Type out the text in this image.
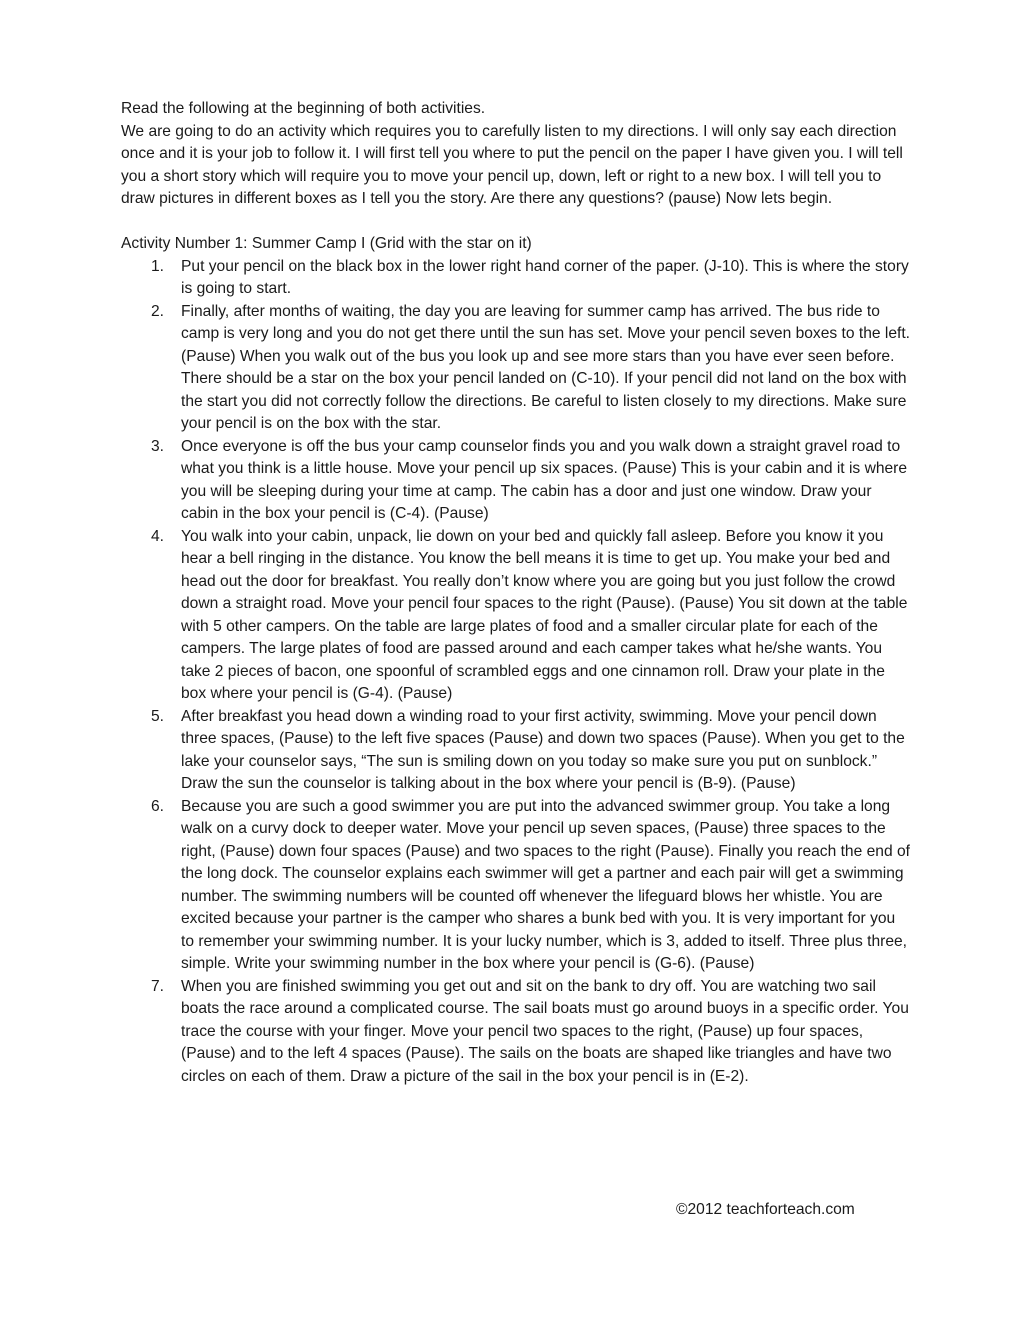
Read the following at the beginning of both activities.

We are going to do an activity which requires you to carefully listen to my directions. I will only say each direction once and it is your job to follow it. I will first tell you where to put the pencil on the paper I have given you. I will tell you a short story which will require you to move your pencil up, down, left or right to a new box. I will tell you to draw pictures in different boxes as I tell you the story. Are there any questions? (pause) Now lets begin.

Activity Number 1: Summer Camp I (Grid with the star on it)

1. Put your pencil on the black box in the lower right hand corner of the paper. (J-10). This is where the story is going to start.
2. Finally, after months of waiting, the day you are leaving for summer camp has arrived. The bus ride to camp is very long and you do not get there until the sun has set. Move your pencil seven boxes to the left. (Pause) When you walk out of the bus you look up and see more stars than you have ever seen before. There should be a star on the box your pencil landed on (C-10). If your pencil did not land on the box with the start you did not correctly follow the directions. Be careful to listen closely to my directions. Make sure your pencil is on the box with the star.
3. Once everyone is off the bus your camp counselor finds you and you walk down a straight gravel road to what you think is a little house. Move your pencil up six spaces. (Pause) This is your cabin and it is where you will be sleeping during your time at camp. The cabin has a door and just one window. Draw your cabin in the box your pencil is (C-4). (Pause)
4. You walk into your cabin, unpack, lie down on your bed and quickly fall asleep. Before you know it you hear a bell ringing in the distance. You know the bell means it is time to get up. You make your bed and head out the door for breakfast. You really don’t know where you are going but you just follow the crowd down a straight road. Move your pencil four spaces to the right (Pause). (Pause) You sit down at the table with 5 other campers. On the table are large plates of food and a smaller circular plate for each of the campers. The large plates of food are passed around and each camper takes what he/she wants. You take 2 pieces of bacon, one spoonful of scrambled eggs and one cinnamon roll. Draw your plate in the box where your pencil is (G-4). (Pause)
5. After breakfast you head down a winding road to your first activity, swimming. Move your pencil down three spaces, (Pause) to the left five spaces (Pause) and down two spaces (Pause). When you get to the lake your counselor says, “The sun is smiling down on you today so make sure you put on sunblock.” Draw the sun the counselor is talking about in the box where your pencil is (B-9). (Pause)
6. Because you are such a good swimmer you are put into the advanced swimmer group. You take a long walk on a curvy dock to deeper water. Move your pencil up seven spaces, (Pause) three spaces to the right, (Pause) down four spaces (Pause) and two spaces to the right (Pause). Finally you reach the end of the long dock. The counselor explains each swimmer will get a partner and each pair will get a swimming number. The swimming numbers will be counted off whenever the lifeguard blows her whistle. You are excited because your partner is the camper who shares a bunk bed with you. It is very important for you to remember your swimming number. It is your lucky number, which is 3, added to itself. Three plus three, simple. Write your swimming number in the box where your pencil is (G-6). (Pause)
7. When you are finished swimming you get out and sit on the bank to dry off. You are watching two sail boats the race around a complicated course. The sail boats must go around buoys in a specific order. You trace the course with your finger. Move your pencil two spaces to the right, (Pause) up four spaces, (Pause) and to the left 4 spaces (Pause). The sails on the boats are shaped like triangles and have two circles on each of them. Draw a picture of the sail in the box your pencil is in (E-2).
©2012 teachforteach.com
